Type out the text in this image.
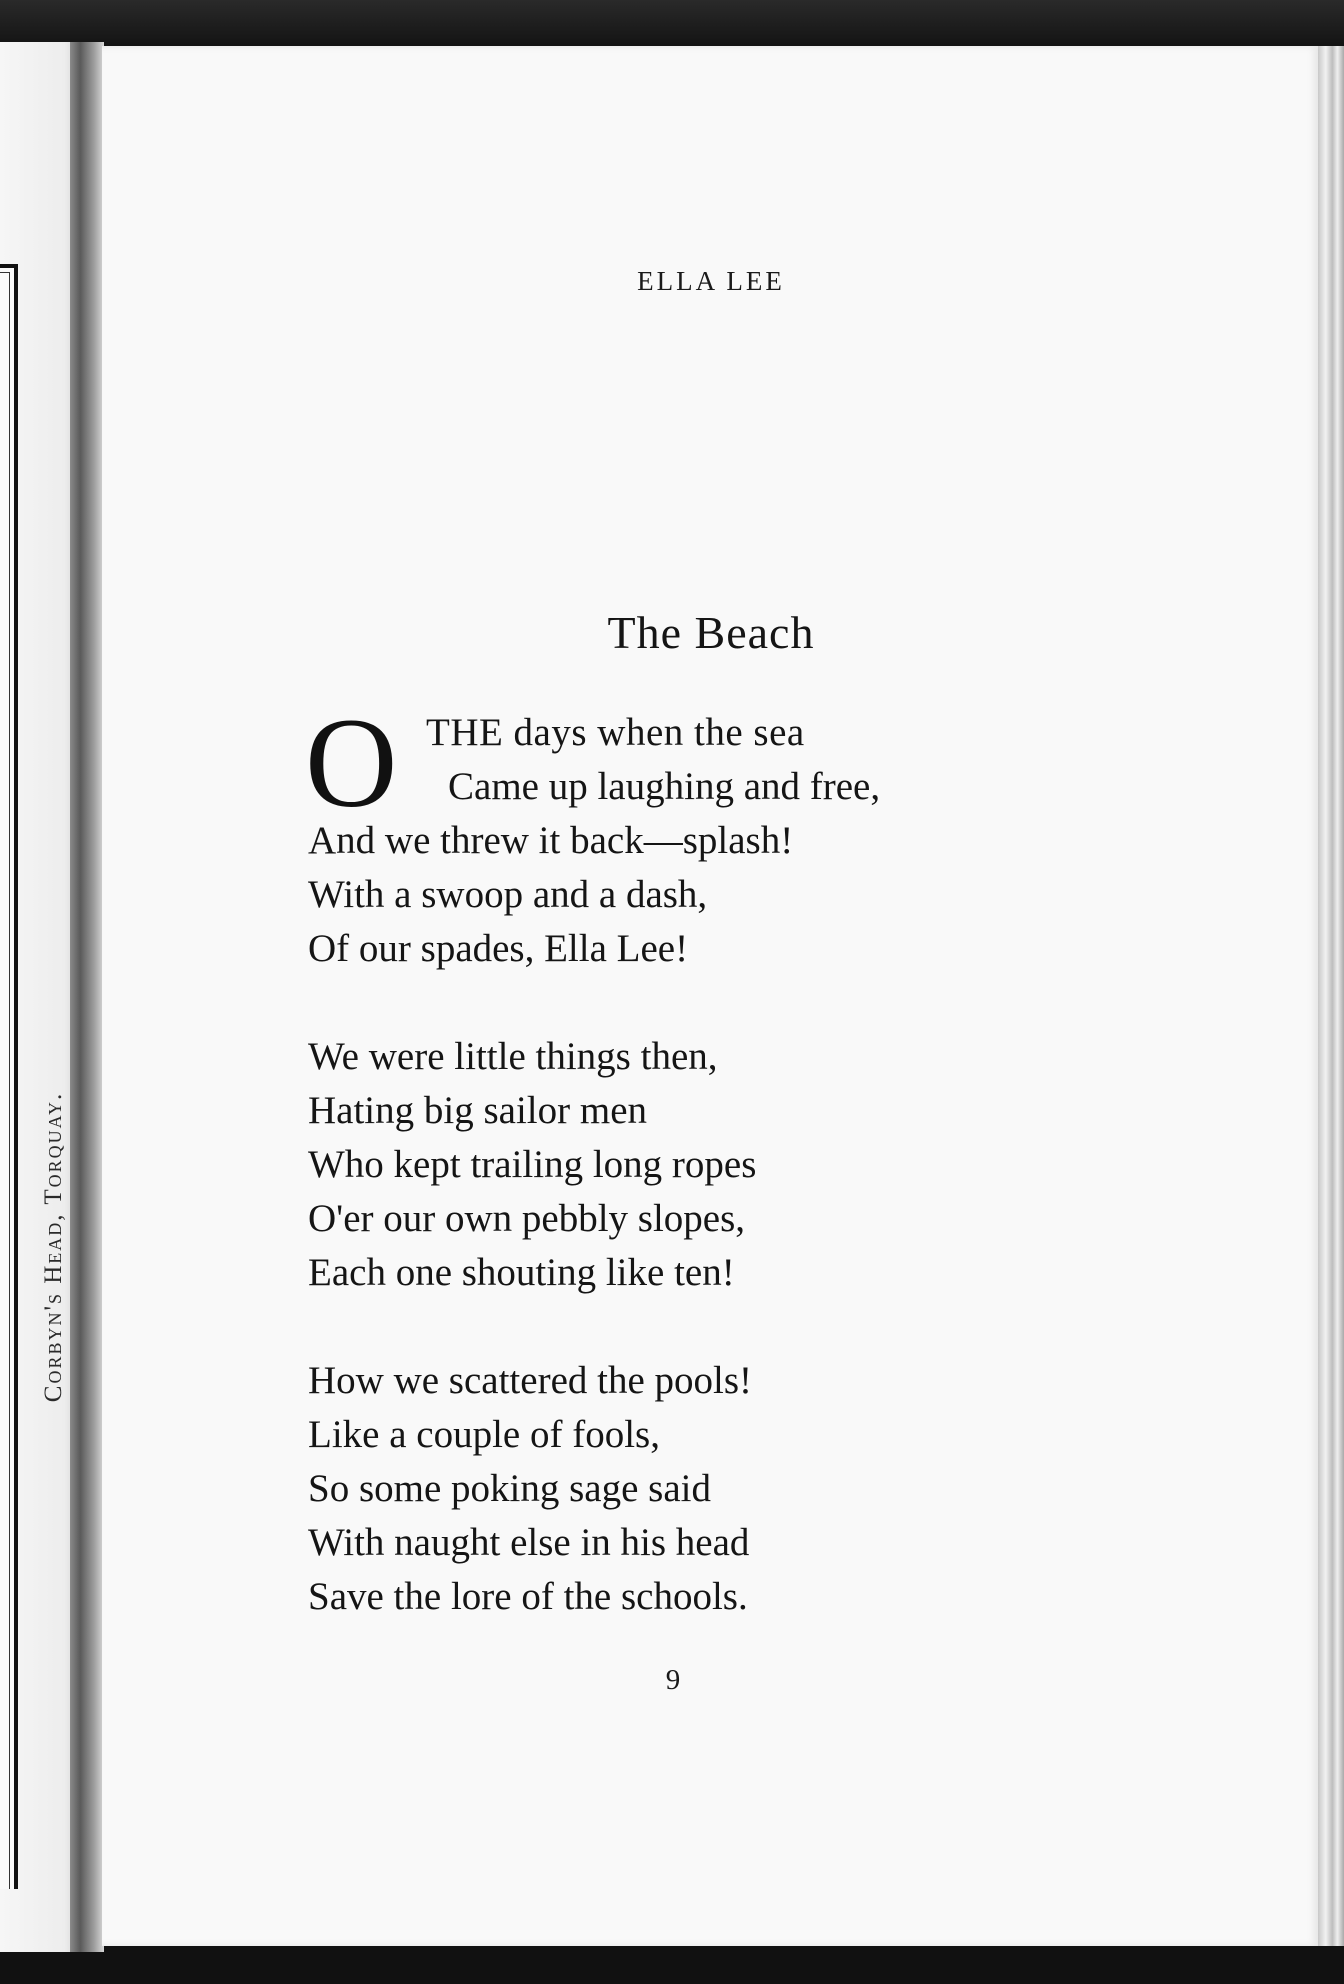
Corbyn's Head, Torquay.
ELLA LEE
The Beach
O THE days when the sea
Came up laughing and free,
And we threw it back—splash!
With a swoop and a dash,
Of our spades, Ella Lee!
We were little things then,
Hating big sailor men
Who kept trailing long ropes
O'er our own pebbly slopes,
Each one shouting like ten!
How we scattered the pools!
Like a couple of fools,
So some poking sage said
With naught else in his head
Save the lore of the schools.
9
